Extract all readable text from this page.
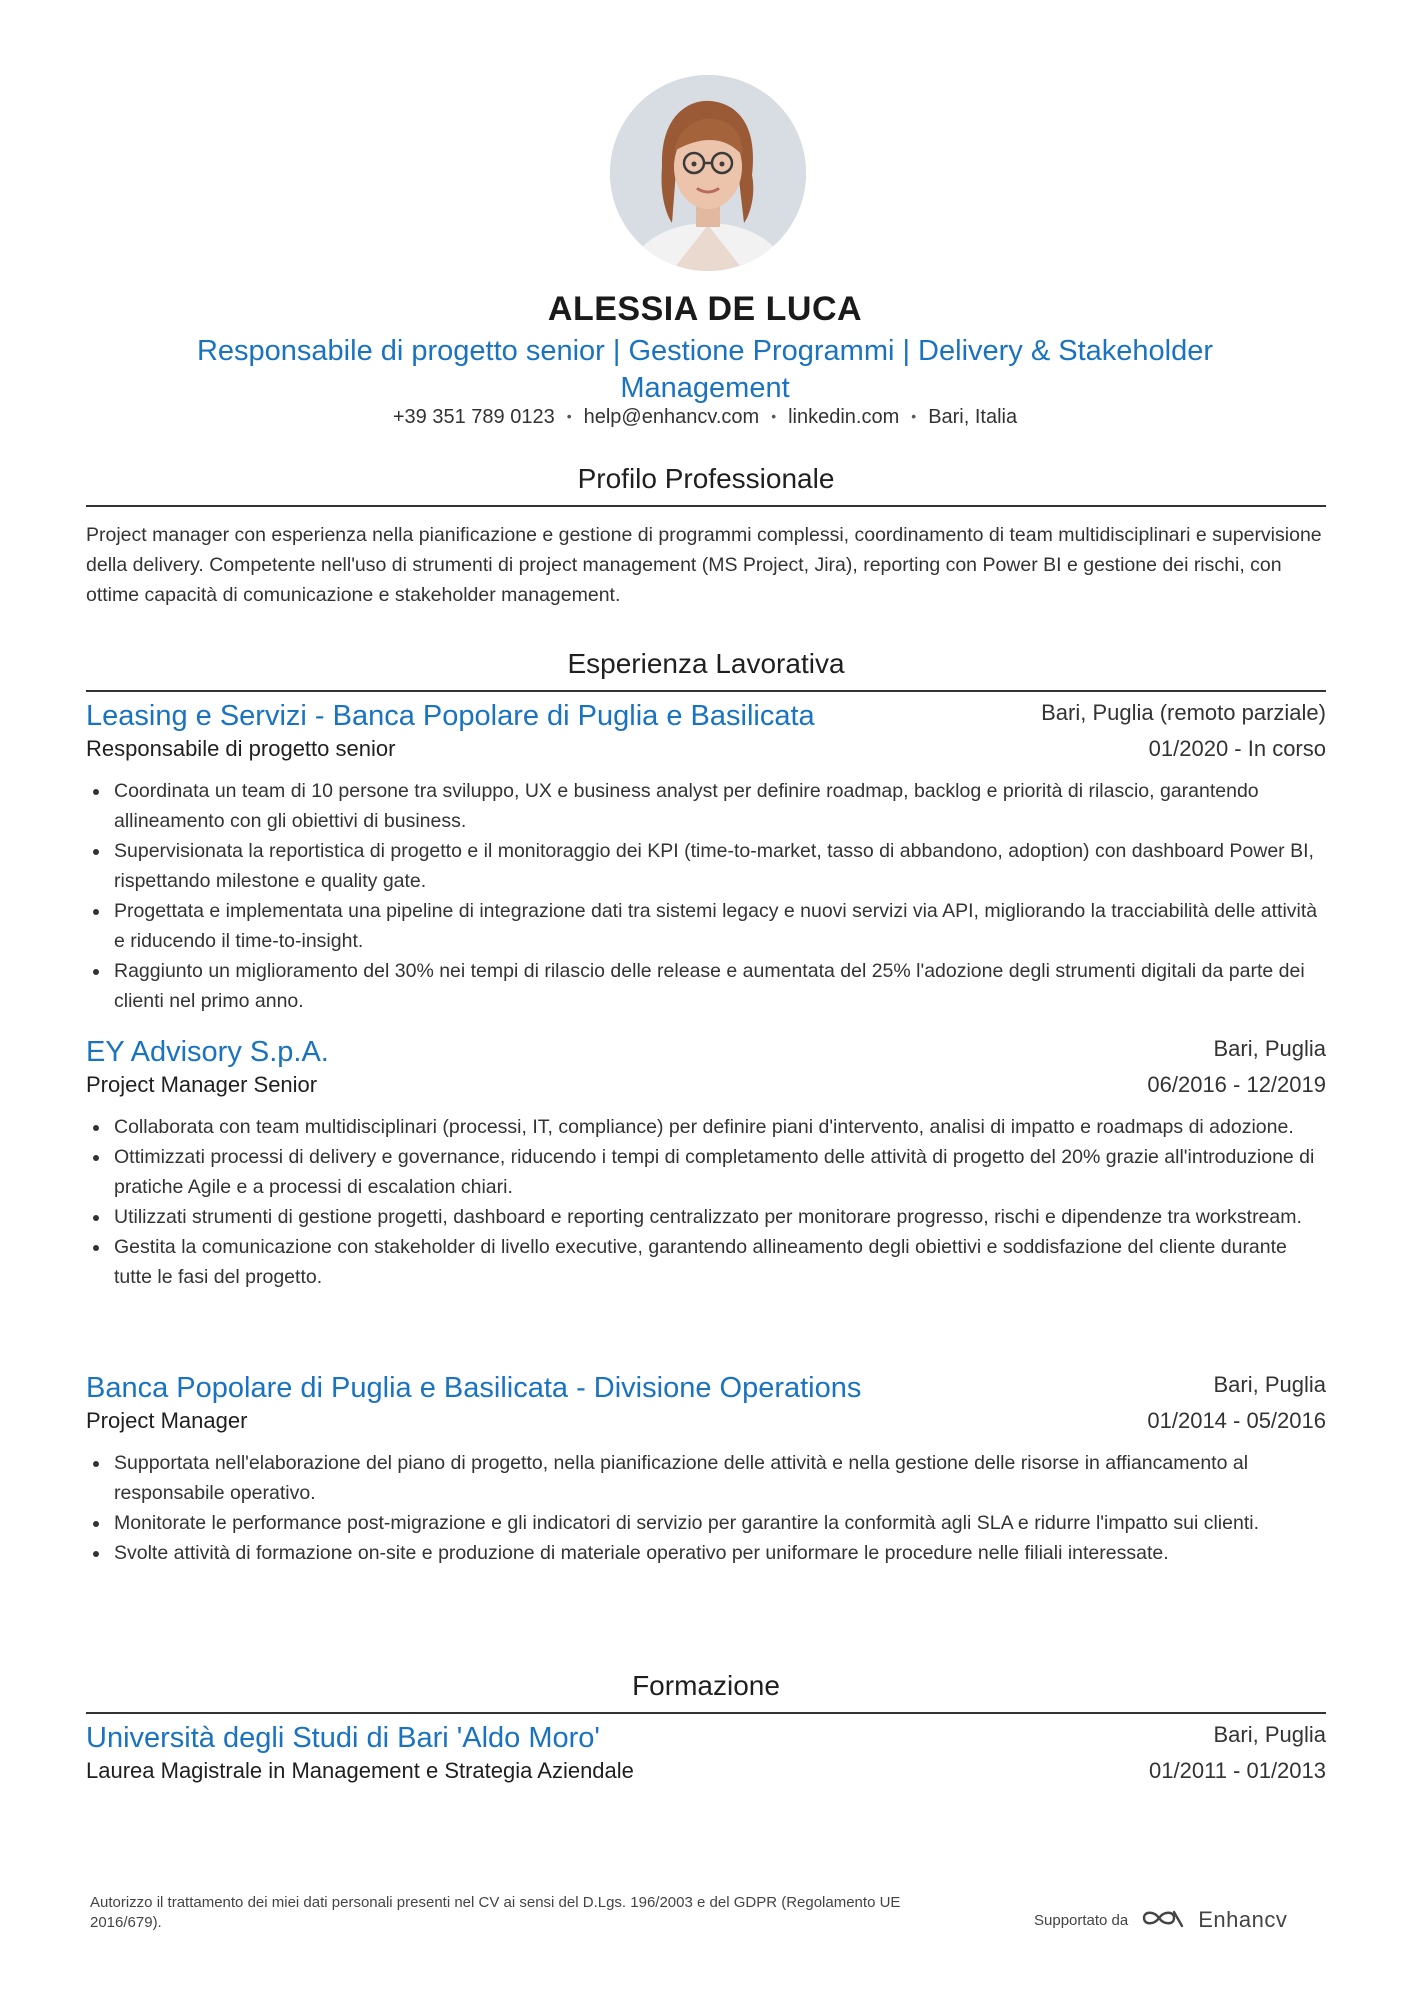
ALESSIA DE LUCA
Responsabile di progetto senior | Gestione Programmi | Delivery & Stakeholder Management
+39 351 789 0123 • help@enhancv.com • linkedin.com • Bari, Italia
Profilo Professionale
Project manager con esperienza nella pianificazione e gestione di programmi complessi, coordinamento di team multidisciplinari e supervisione della delivery. Competente nell'uso di strumenti di project management (MS Project, Jira), reporting con Power BI e gestione dei rischi, con ottime capacità di comunicazione e stakeholder management.
Esperienza Lavorativa
Leasing e Servizi - Banca Popolare di Puglia e Basilicata	Bari, Puglia (remoto parziale)
Responsabile di progetto senior	01/2020 - In corso
Coordinata un team di 10 persone tra sviluppo, UX e business analyst per definire roadmap, backlog e priorità di rilascio, garantendo allineamento con gli obiettivi di business.
Supervisionata la reportistica di progetto e il monitoraggio dei KPI (time-to-market, tasso di abbandono, adoption) con dashboard Power BI, rispettando milestone e quality gate.
Progettata e implementata una pipeline di integrazione dati tra sistemi legacy e nuovi servizi via API, migliorando la tracciabilità delle attività e riducendo il time-to-insight.
Raggiunto un miglioramento del 30% nei tempi di rilascio delle release e aumentata del 25% l'adozione degli strumenti digitali da parte dei clienti nel primo anno.
EY Advisory S.p.A.	Bari, Puglia
Project Manager Senior	06/2016 - 12/2019
Collaborata con team multidisciplinari (processi, IT, compliance) per definire piani d'intervento, analisi di impatto e roadmaps di adozione.
Ottimizzati processi di delivery e governance, riducendo i tempi di completamento delle attività di progetto del 20% grazie all'introduzione di pratiche Agile e a processi di escalation chiari.
Utilizzati strumenti di gestione progetti, dashboard e reporting centralizzato per monitorare progresso, rischi e dipendenze tra workstream.
Gestita la comunicazione con stakeholder di livello executive, garantendo allineamento degli obiettivi e soddisfazione del cliente durante tutte le fasi del progetto.
Banca Popolare di Puglia e Basilicata - Divisione Operations	Bari, Puglia
Project Manager	01/2014 - 05/2016
Supportata nell'elaborazione del piano di progetto, nella pianificazione delle attività e nella gestione delle risorse in affiancamento al responsabile operativo.
Monitorate le performance post-migrazione e gli indicatori di servizio per garantire la conformità agli SLA e ridurre l'impatto sui clienti.
Svolte attività di formazione on-site e produzione di materiale operativo per uniformare le procedure nelle filiali interessate.
Formazione
Università degli Studi di Bari 'Aldo Moro'	Bari, Puglia
Laurea Magistrale in Management e Strategia Aziendale	01/2011 - 01/2013
Autorizzo il trattamento dei miei dati personali presenti nel CV ai sensi del D.Lgs. 196/2003 e del GDPR (Regolamento UE 2016/679).	Supportato da	Enhancv
